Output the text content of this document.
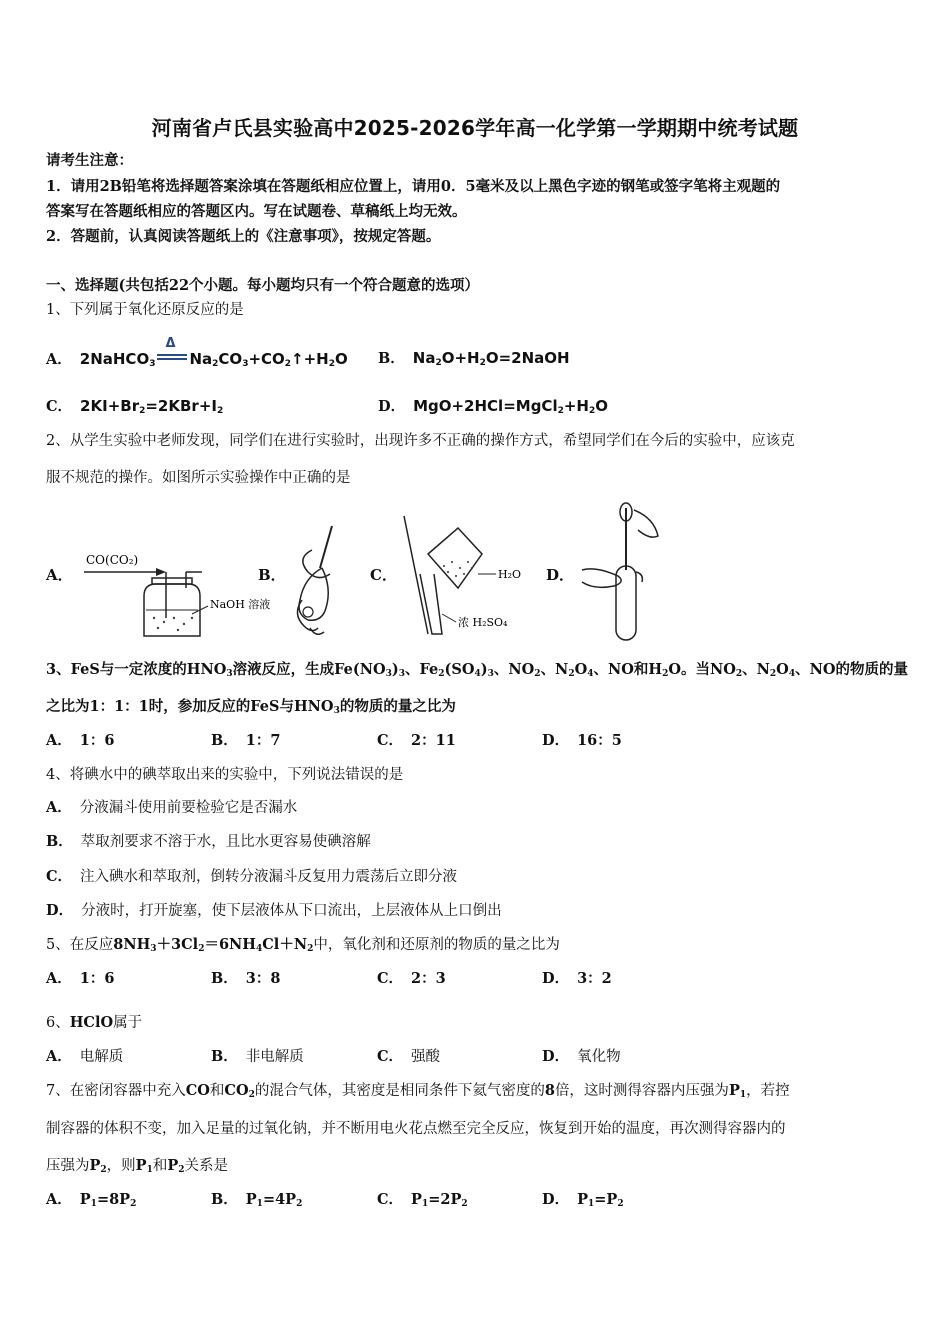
河南省卢氏县实验高中2025-2026学年高一化学第一学期期中统考试题
请考生注意：
1．请用2B铅笔将选择题答案涂填在答题纸相应位置上，请用0．5毫米及以上黑色字迹的钢笔或签字笔将主观题的
答案写在答题纸相应的答题区内。写在试题卷、草稿纸上均无效。
2．答题前，认真阅读答题纸上的《注意事项》，按规定答题。
一、选择题(共包括22个小题。每小题均只有一个符合题意的选项）
1、下列属于氧化还原反应的是
A． 2NaHCO$_3$
Δ
$Na_2CO_3+CO_2↑+H_2O$ B． $Na_2O+H_2O=2NaOH$
C． $2KI+Br_2=2KBr+I_2$	D． $MgO+2HCl=MgCl_2+H_2O$
2、从学生实验中老师发现，同学们在进行实验时，出现许多不正确的操作方式，希望同学们在今后的实验中，应该克
服不规范的操作。如图所示实验操作中正确的是
A．
CO(CO₂)
NaOH 溶液
B．	C．	H₂O
浓 H₂SO₄
D．
3、FeS与一定浓度的$HNO_3$溶液反应，生成$Fe(NO_3)_3$、$Fe_2(SO_4)_3$、$NO_2$、$N_2O_4$、NO和$H_2O$。当$NO_2$、$N_2O_4$、NO的物质的量
之比为1：1：1时，参加反应的FeS与$HNO_3$的物质的量之比为
A． 1：6	B． 1：7	C． 2：11	D． 16：5
4、将碘水中的碘萃取出来的实验中，下列说法错误的是
A． 分液漏斗使用前要检验它是否漏水
B． 萃取剂要求不溶于水，且比水更容易使碘溶解
C． 注入碘水和萃取剂，倒转分液漏斗反复用力震荡后立即分液
D． 分液时，打开旋塞，使下层液体从下口流出，上层液体从上口倒出
5、在反应$8NH_3+3Cl_2=6NH_4Cl+N_2$中，氧化剂和还原剂的物质的量之比为
A． 1：6	B． 3：8	C． 2：3	D． 3：2
6、HClO属于
A． 电解质	B． 非电解质	C． 强酸	D． 氧化物
7、在密闭容器中充入CO和$CO_2$的混合气体，其密度是相同条件下氦气密度的8倍，这时测得容器内压强为$P_1$，若控
制容器的体积不变，加入足量的过氧化钠，并不断用电火花点燃至完全反应，恢复到开始的温度，再次测得容器内的
压强为$P_2$，则$P_1$和$P_2$关系是
A． $P_1=8P_2$	B． $P_1=4P_2$	C． $P_1=2P_2$	D． $P_1=P_2$
